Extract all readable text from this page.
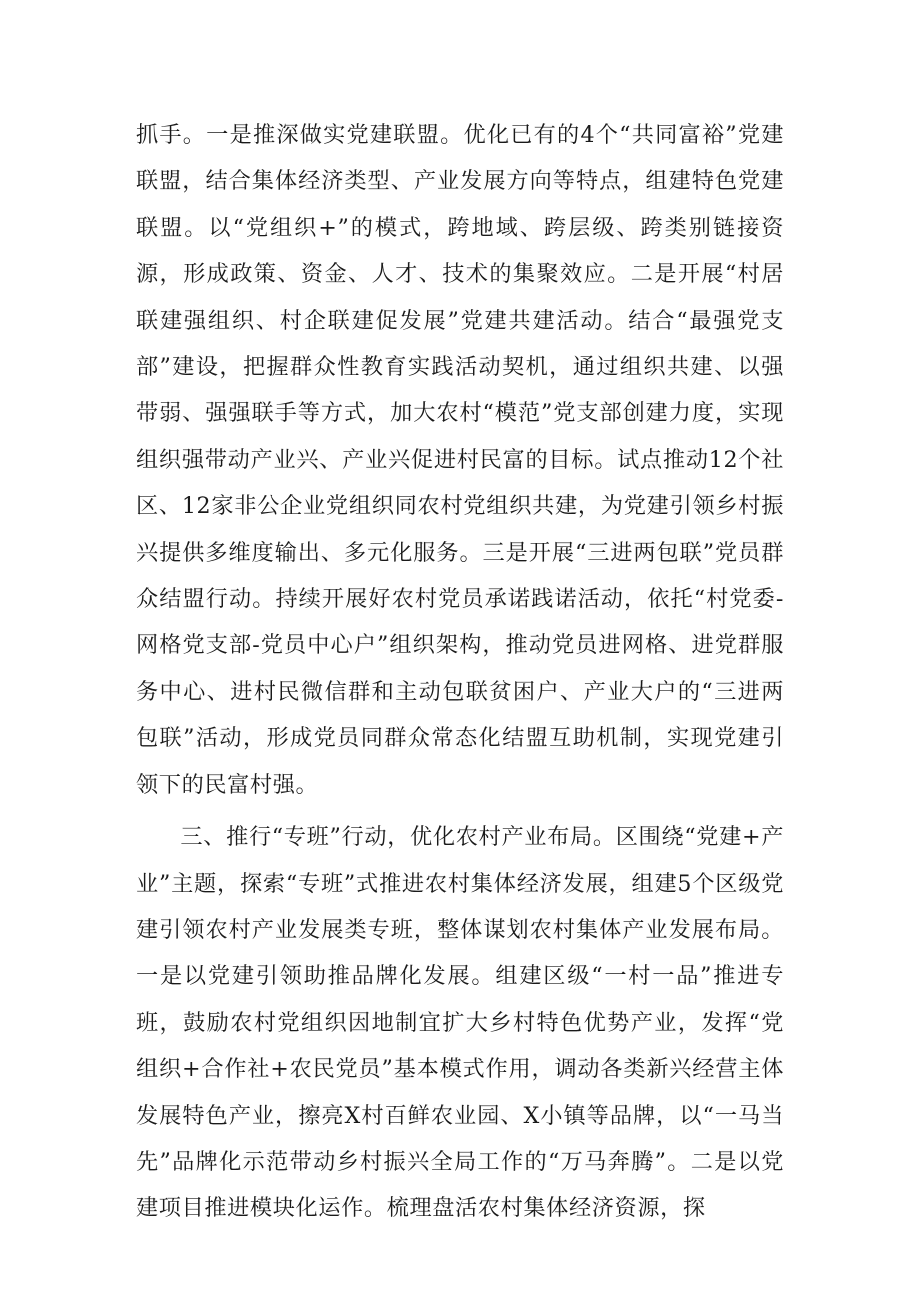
抓手。一是推深做实党建联盟。优化已有的4个“共同富裕”党建联盟，结合集体经济类型、产业发展方向等特点，组建特色党建联盟。以“党组织+”的模式，跨地域、跨层级、跨类别链接资源，形成政策、资金、人才、技术的集聚效应。二是开展“村居联建强组织、村企联建促发展”党建共建活动。结合“最强党支部”建设，把握群众性教育实践活动契机，通过组织共建、以强带弱、强强联手等方式，加大农村“模范”党支部创建力度，实现组织强带动产业兴、产业兴促进村民富的目标。试点推动12个社区、12家非公企业党组织同农村党组织共建，为党建引领乡村振兴提供多维度输出、多元化服务。三是开展“三进两包联”党员群众结盟行动。持续开展好农村党员承诺践诺活动，依托“村党委-网格党支部-党员中心户”组织架构，推动党员进网格、进党群服务中心、进村民微信群和主动包联贫困户、产业大户的“三进两包联”活动，形成党员同群众常态化结盟互助机制，实现党建引领下的民富村强。

三、推行“专班”行动，优化农村产业布局。区围绕“党建+产业”主题，探索“专班”式推进农村集体经济发展，组建5个区级党建引领农村产业发展类专班，整体谋划农村集体产业发展布局。一是以党建引领助推品牌化发展。组建区级“一村一品”推进专班，鼓励农村党组织因地制宜扩大乡村特色优势产业，发挥“党组织+合作社+农民党员”基本模式作用，调动各类新兴经营主体发展特色产业，擦亮X村百鲜农业园、X小镇等品牌，以“一马当先”品牌化示范带动乡村振兴全局工作的“万马奔腾”。二是以党建项目推进模块化运作。梳理盘活农村集体经济资源，探
